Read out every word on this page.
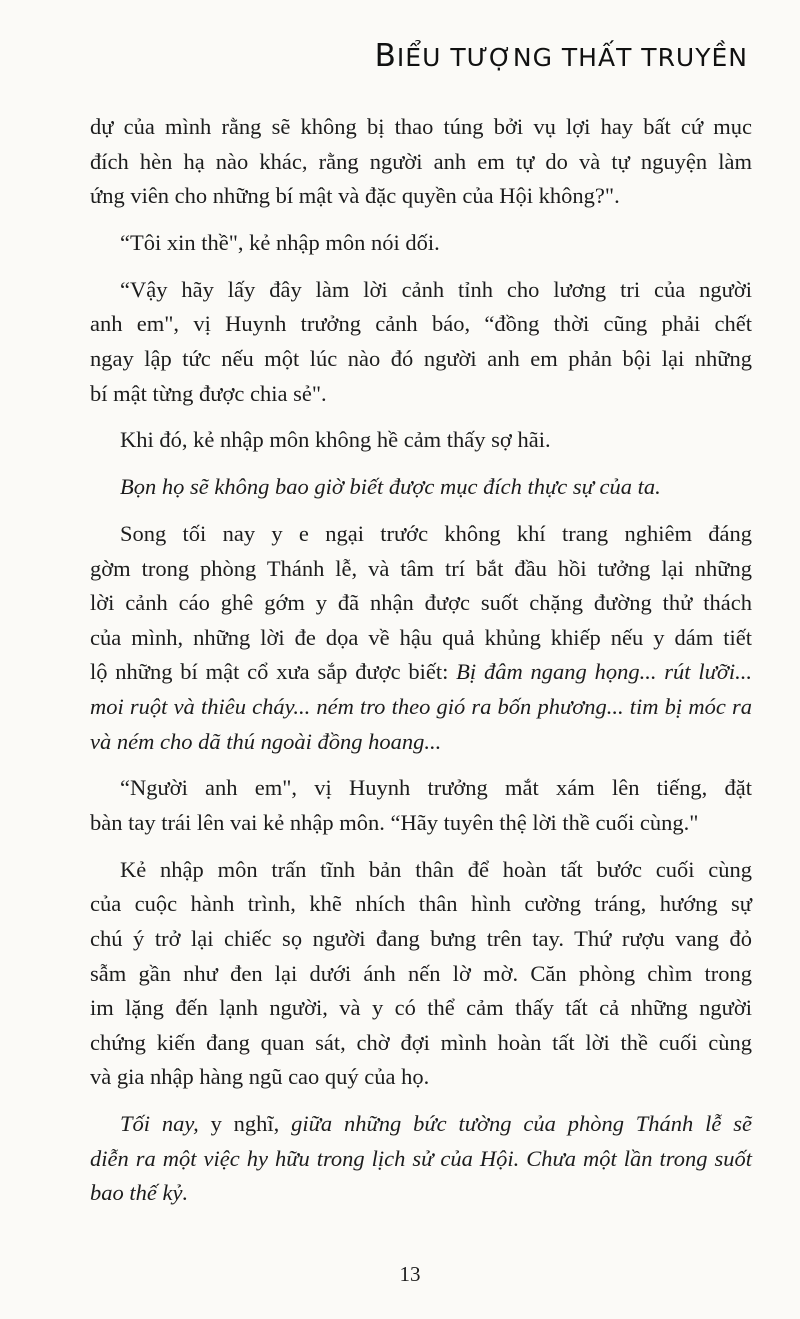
BIỂU TƯỢNG THẤT TRUYỀN
dự của mình rằng sẽ không bị thao túng bởi vụ lợi hay bất cứ mục
đích hèn hạ nào khác, rằng người anh em tự do và tự nguyện làm
ứng viên cho những bí mật và đặc quyền của Hội không?".
“Tôi xin thề", kẻ nhập môn nói dối.
“Vậy hãy lấy đây làm lời cảnh tỉnh cho lương tri của người
anh em", vị Huynh trưởng cảnh báo, “đồng thời cũng phải chết
ngay lập tức nếu một lúc nào đó người anh em phản bội lại những
bí mật từng được chia sẻ".
Khi đó, kẻ nhập môn không hề cảm thấy sợ hãi.
Bọn họ sẽ không bao giờ biết được mục đích thực sự của ta.
Song tối nay y e ngại trước không khí trang nghiêm đáng
gờm trong phòng Thánh lễ, và tâm trí bắt đầu hồi tưởng lại những
lời cảnh cáo ghê gớm y đã nhận được suốt chặng đường thử thách
của mình, những lời đe dọa về hậu quả khủng khiếp nếu y dám tiết
lộ những bí mật cổ xưa sắp được biết: Bị đâm ngang họng... rút lưỡi...
moi ruột và thiêu cháy... ném tro theo gió ra bốn phương... tim bị móc ra
và ném cho dã thú ngoài đồng hoang...
“Người anh em", vị Huynh trưởng mắt xám lên tiếng, đặt
bàn tay trái lên vai kẻ nhập môn. “Hãy tuyên thệ lời thề cuối cùng."
Kẻ nhập môn trấn tĩnh bản thân để hoàn tất bước cuối cùng
của cuộc hành trình, khẽ nhích thân hình cường tráng, hướng sự
chú ý trở lại chiếc sọ người đang bưng trên tay. Thứ rượu vang đỏ
sẫm gần như đen lại dưới ánh nến lờ mờ. Căn phòng chìm trong
im lặng đến lạnh người, và y có thể cảm thấy tất cả những người
chứng kiến đang quan sát, chờ đợi mình hoàn tất lời thề cuối cùng
và gia nhập hàng ngũ cao quý của họ.
Tối nay, y nghĩ, giữa những bức tường của phòng Thánh lễ sẽ
diễn ra một việc hy hữu trong lịch sử của Hội. Chưa một lần trong suốt
bao thế kỷ.
13
